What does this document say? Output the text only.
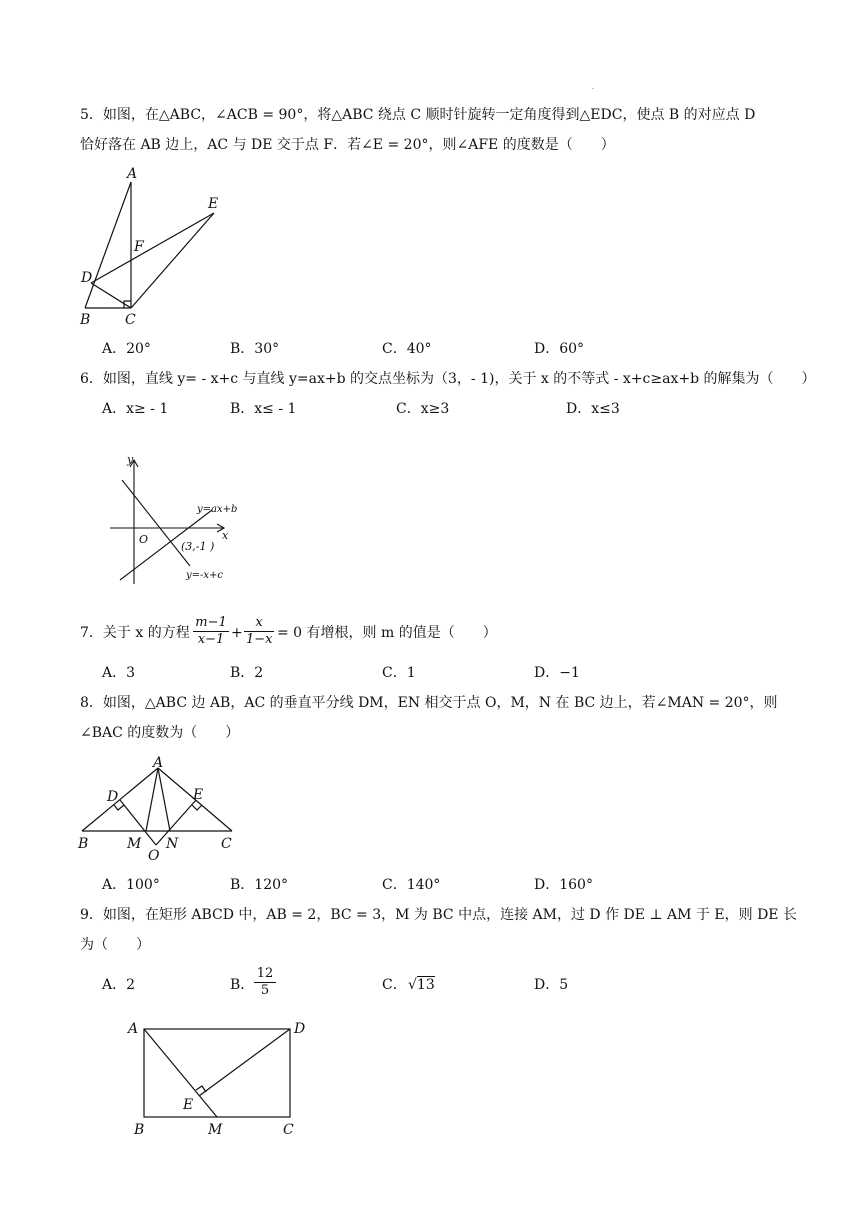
.
5．如图，在△ABC，∠ACB = 90°，将△ABC 绕点 C 顺时针旋转一定角度得到△EDC，使点 B 的对应点 D
恰好落在 AB 边上，AC 与 DE 交于点 F．若∠E = 20°，则∠AFE 的度数是（　　）
A
E
F
D
B C
A．20°	B．30°	C．40°	D．60°
6．如图，直线 y= - x+c 与直线 y=ax+b 的交点坐标为（3，- 1)，关于 x 的不等式 - x+c≥ax+b 的解集为（　　）
A．x≥ - 1	B．x≤ - 1	C．x≥3	D．x≤3
y
x
O
(3,-1 )
y=ax+b
y=-x+c
7．关于 x 的方程 $\frac{m-1}{x-1} + \frac{x}{1-x} = 0$ 有增根，则 m 的值是（　　）
A．3	B．2	C．1	D．−1
8．如图，△ABC 边 AB，AC 的垂直平分线 DM，EN 相交于点 O，M，N 在 BC 边上，若∠MAN = 20°，则
∠BAC 的度数为（　　）
A
D	E
B	M N
O
C
A．100°	B．120°	C．140°	D．160°
9．如图，在矩形 ABCD 中，AB = 2，BC = 3，M 为 BC 中点，连接 AM，过 D 作 DE ⊥ AM 于 E，则 DE 长
为（　　）
A．2	B． $\frac{12}{5}$	C． √13	D．5
A	D
E
B	M	C
